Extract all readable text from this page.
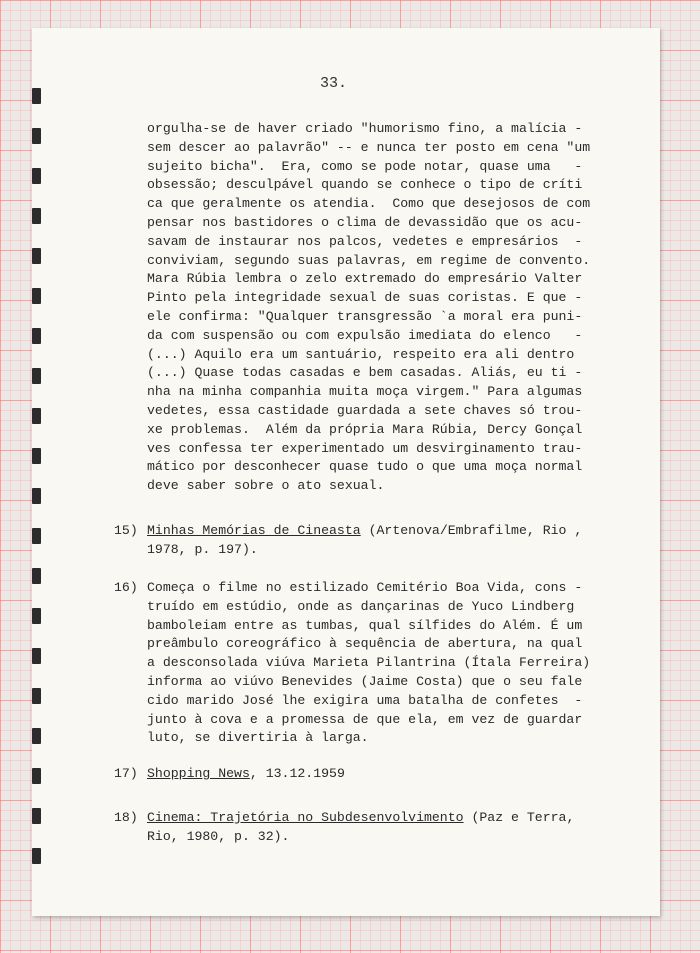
33.
orgulha-se de haver criado "humorismo fino, a malícia -
sem descer ao palavrão" -- e nunca ter posto em cena "um
sujeito bicha".  Era, como se pode notar, quase uma   -
obsessão; desculpável quando se conhece o tipo de críti
ca que geralmente os atendia.  Como que desejosos de com
pensar nos bastidores o clima de devassidão que os acu-
savam de instaurar nos palcos, vedetes e empresários  -
conviviam, segundo suas palavras, em regime de convento.
Mara Rúbia lembra o zelo extremado do empresário Valter
Pinto pela integridade sexual de suas coristas. E que -
ele confirma: "Qualquer transgressão `a moral era puni-
da com suspensão ou com expulsão imediata do elenco   -
(...) Aquilo era um santuário, respeito era ali dentro
(...) Quase todas casadas e bem casadas. Aliás, eu ti -
nha na minha companhia muita moça virgem." Para algumas
vedetes, essa castidade guardada a sete chaves só trou-
xe problemas.  Além da própria Mara Rúbia, Dercy Gonçal
ves confessa ter experimentado um desvirginamento trau-
mático por desconhecer quase tudo o que uma moça normal
deve saber sobre o ato sexual.
15) Minhas Memórias de Cineasta (Artenova/Embrafilme, Rio ,
1978, p. 197).
16) Começa o filme no estilizado Cemitério Boa Vida, cons -
truído em estúdio, onde as dançarinas de Yuco Lindberg
bamboleiam entre as tumbas, qual sílfides do Além. É um
preâmbulo coreográfico à sequência de abertura, na qual
a desconsolada viúva Marieta Pilantrina (Ítala Ferreira)
informa ao viúvo Benevides (Jaime Costa) que o seu fale
cido marido José lhe exigira uma batalha de confetes  -
junto à cova e a promessa de que ela, em vez de guardar
luto, se divertiria à larga.
17) Shopping News, 13.12.1959
18) Cinema: Trajetória no Subdesenvolvimento (Paz e Terra,
Rio, 1980, p. 32).
